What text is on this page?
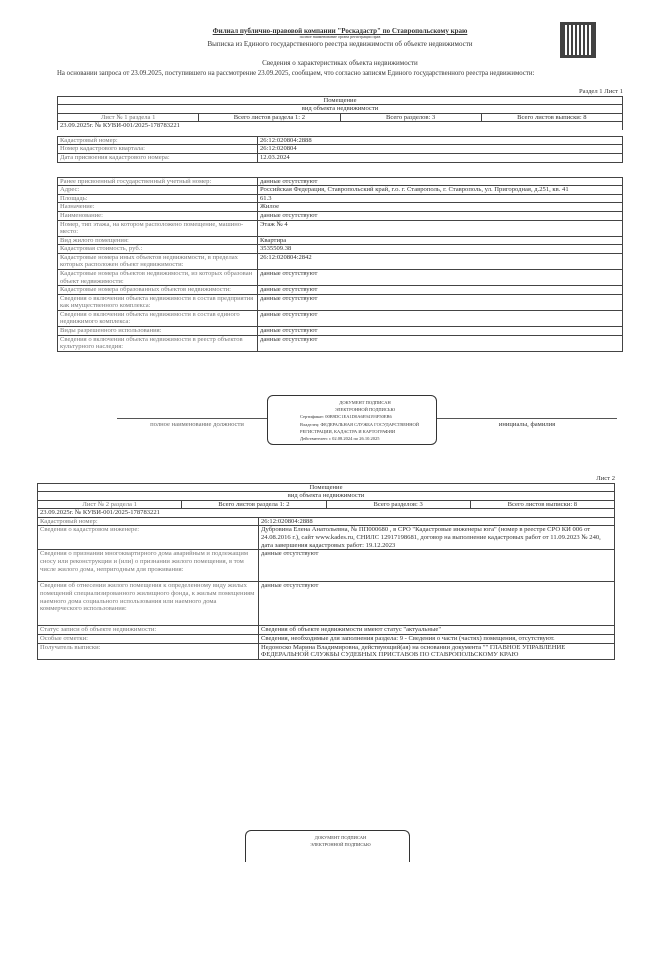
Филиал публично-правовой компании "Роскадастр" по Ставропольскому краю
полное наименование органа регистрации прав
Выписка из Единого государственного реестра недвижимости об объекте недвижимости
Сведения о характеристиках объекта недвижимости
На основании запроса от 23.09.2025, поступившего на рассмотрение 23.09.2025, сообщаем, что согласно записям Единого государственного реестра недвижимости:
Раздел 1 Лист 1
Помещение
вид объекта недвижимости
Лист № 1 раздела 1	Всего листов раздела 1: 2	Всего разделов: 3	Всего листов выписки: 8
23.09.2025г. № КУВИ-001/2025-178783221
Кадастровый номер:	26:12:020804:2888
Номер кадастрового квартала:	26:12:020804
Дата присвоения кадастрового номера:	12.03.2024
Ранее присвоенный государственный учетный номер:	данные отсутствуют
Адрес:	Российская Федерация, Ставропольский край, г.о. г. Ставрополь, г. Ставрополь, ул. Пригородная, д.251, кв. 41
Площадь:	61.3
Назначение:	Жилое
Наименование:	данные отсутствуют
Номер, тип этажа, на котором расположено помещение, машино-место:	Этаж № 4
Вид жилого помещения:	Квартира
Кадастровая стоимость, руб.:	3535509.38
Кадастровые номера иных объектов недвижимости, в пределах которых расположен объект недвижимости:	26:12:020804:2842
Кадастровые номера объектов недвижимости, из которых образован объект недвижимости:	данные отсутствуют
Кадастровые номера образованных объектов недвижимости:	данные отсутствуют
Сведения о включении объекта недвижимости в состав предприятия как имущественного комплекса:	данные отсутствуют
Сведения о включении объекта недвижимости в состав единого недвижимого комплекса:	данные отсутствуют
Виды разрешенного использования:	данные отсутствуют
Сведения о включении объекта недвижимости в реестр объектов культурного наследия:	данные отсутствуют
полное наименование должности	инициалы, фамилия
ДОКУМЕНТ ПОДПИСАН
ЭЛЕКТРОННОЙ ПОДПИСЬЮ
Сертификат: 00B9DC1EA1D0A6E94193F50EB6
Владелец: ФЕДЕРАЛЬНАЯ СЛУЖБА ГОСУДАРСТВЕННОЙ
РЕГИСТРАЦИИ, КАДАСТРА И КАРТОГРАФИИ
Действителен: с 02.08.2024 по 26.10.2025
Лист 2
Помещение
вид объекта недвижимости
Лист № 2 раздела 1	Всего листов раздела 1: 2	Всего разделов: 3	Всего листов выписки: 8
23.09.2025г. № КУВИ-001/2025-178783221
Кадастровый номер:	26:12:020804:2888
Сведения о кадастровом инженере:	Дубровина Елена Анатольевна, № ПП000680 , в СРО "Кадастровые инженеры юга" (номер в реестре СРО КИ 006 от 24.08.2016 г.), сайт www.kades.ru, СНИЛС 12917198681, договор на выполнение кадастровых работ от 11.09.2023 № 240, дата завершения кадастровых работ: 19.12.2023
Сведения о признании многоквартирного дома аварийным и подлежащим сносу или реконструкции и (или) о признании жилого помещения, в том числе жилого дома, непригодным для проживания:	данные отсутствуют
Сведения об отнесении жилого помещения к определенному виду жилых помещений специализированного жилищного фонда, к жилым помещениям наемного дома социального использования или наемного дома коммерческого использования:	данные отсутствуют
Статус записи об объекте недвижимости:	Сведения об объекте недвижимости имеют статус "актуальные"
Особые отметки:	Сведения, необходимые для заполнения раздела: 9 - Сведения о части (частях) помещения, отсутствуют.
Получатель выписки:	Недоноско Марина Владимировна, действующий(ая) на основании документа "" ГЛАВНОЕ УПРАВЛЕНИЕ ФЕДЕРАЛЬНОЙ СЛУЖБЫ СУДЕБНЫХ ПРИСТАВОВ ПО СТАВРОПОЛЬСКОМУ КРАЮ
ДОКУМЕНТ ПОДПИСАН
ЭЛЕКТРОННОЙ ПОДПИСЬЮ
